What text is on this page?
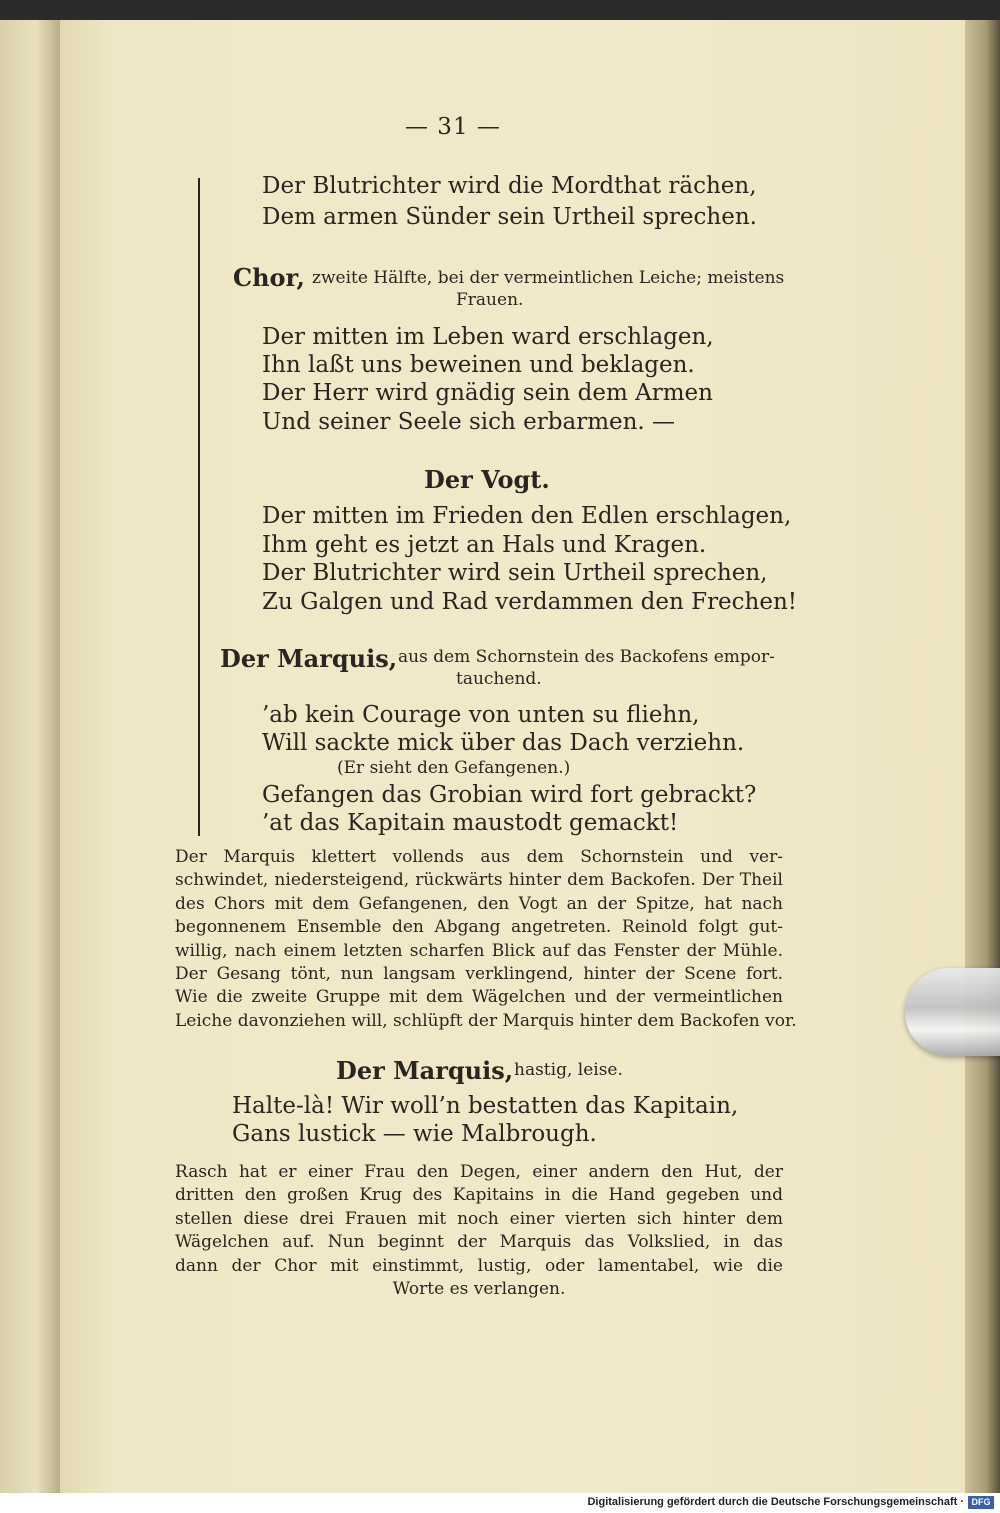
— 31 —

Der Blutrichter wird die Mordthat rächen,

Dem armen Sünder sein Urtheil sprechen.

Chor, zweite Hälfte, bei der vermeintlichen Leiche; meistens

Frauen.

Der mitten im Leben ward erschlagen,

Ihn laßt uns beweinen und beklagen.

Der Herr wird gnädig sein dem Armen

Und seiner Seele sich erbarmen. —

Der Vogt.

Der mitten im Frieden den Edlen erschlagen,

Ihm geht es jetzt an Hals und Kragen.

Der Blutrichter wird sein Urtheil sprechen,

Zu Galgen und Rad verdammen den Frechen!

Der Marquis, aus dem Schornstein des Backofens empor-

tauchend.

’ab kein Courage von unten su fliehn,

Will sackte mick über das Dach verziehn.

(Er sieht den Gefangenen.)

Gefangen das Grobian wird fort gebrackt?

’at das Kapitain maustodt gemackt!

Der Marquis klettert vollends aus dem Schornstein und ver-
schwindet, niedersteigend, rückwärts hinter dem Backofen. Der Theil
des Chors mit dem Gefangenen, den Vogt an der Spitze, hat nach
begonnenem Ensemble den Abgang angetreten. Reinold folgt gut-
willig, nach einem letzten scharfen Blick auf das Fenster der Mühle.
Der Gesang tönt, nun langsam verklingend, hinter der Scene fort.
Wie die zweite Gruppe mit dem Wägelchen und der vermeintlichen
Leiche davonziehen will, schlüpft der Marquis hinter dem Backofen vor.

Der Marquis, hastig, leise.

Halte-là! Wir woll’n bestatten das Kapitain,

Gans lustick — wie Malbrough.

Rasch hat er einer Frau den Degen, einer andern den Hut, der
dritten den großen Krug des Kapitains in die Hand gegeben und
stellen diese drei Frauen mit noch einer vierten sich hinter dem
Wägelchen auf. Nun beginnt der Marquis das Volkslied, in das
dann der Chor mit einstimmt, lustig, oder lamentabel, wie die
Worte es verlangen.
Digitalisierung gefördert durch die Deutsche Forschungsgemeinschaft · DFG
